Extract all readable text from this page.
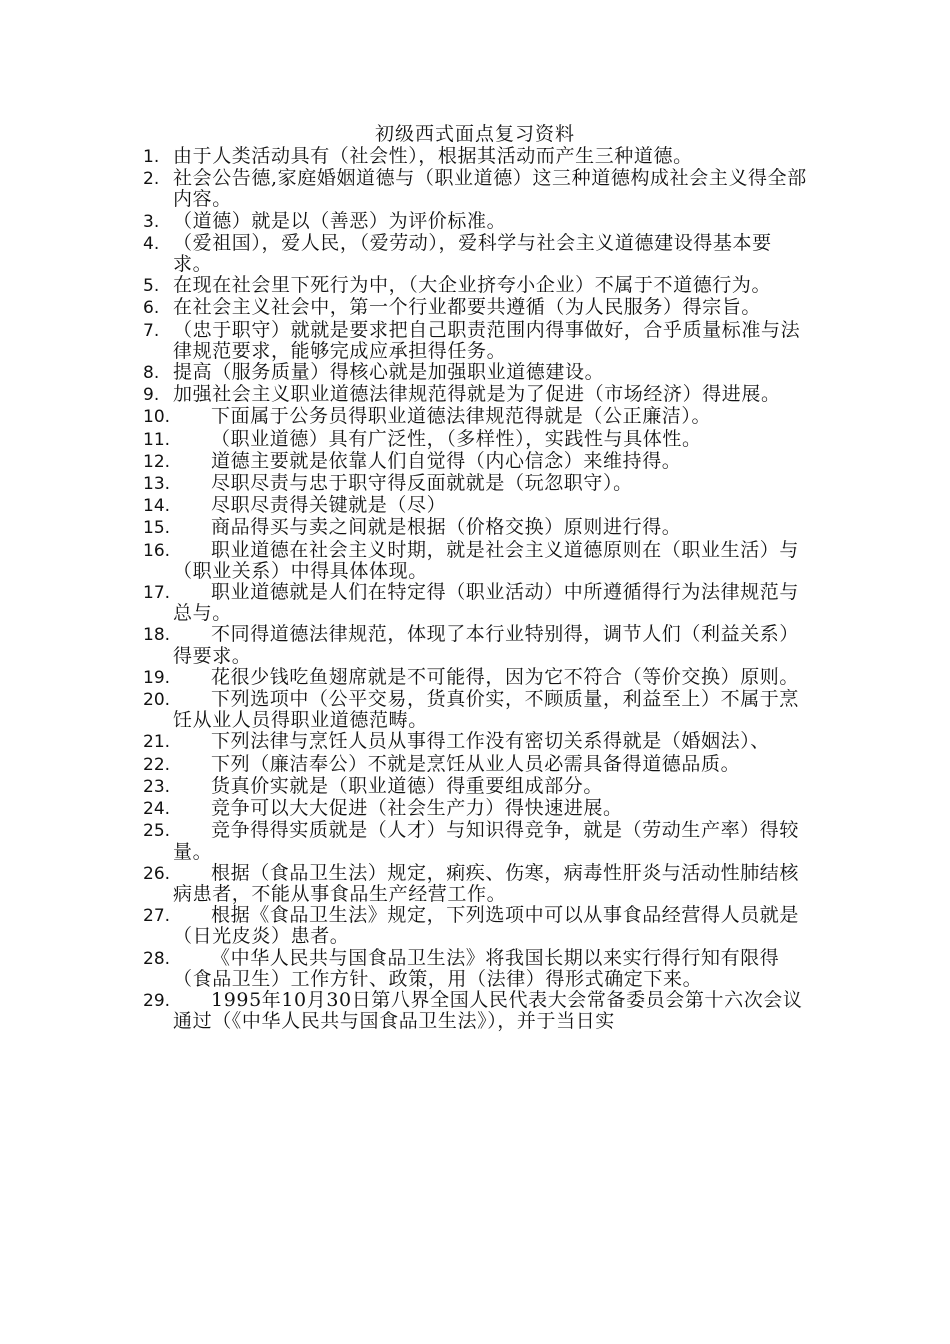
初级西式面点复习资料
1. 由于人类活动具有（社会性），根据其活动而产生三种道德。
2. 社会公告德,家庭婚姻道德与（职业道德）这三种道德构成社会主义得全部内容。
3. （道德）就是以（善恶）为评价标准。
4. （爱祖国），爱人民，（爱劳动），爱科学与社会主义道德建设得基本要求。
5. 在现在社会里下死行为中，（大企业挤夸小企业）不属于不道德行为。
6. 在社会主义社会中，第一个行业都要共遵循（为人民服务）得宗旨。
7. （忠于职守）就就是要求把自己职责范围内得事做好，合乎质量标准与法律规范要求，能够完成应承担得任务。
8. 提高（服务质量）得核心就是加强职业道德建设。
9. 加强社会主义职业道德法律规范得就是为了促进（市场经济）得进展。
10.	下面属于公务员得职业道德法律规范得就是（公正廉洁）。
11.	（职业道德）具有广泛性，（多样性），实践性与具体性。
12.	道德主要就是依靠人们自觉得（内心信念）来维持得。
13.	尽职尽责与忠于职守得反面就就是（玩忽职守）。
14.	尽职尽责得关键就是（尽）
15.	商品得买与卖之间就是根据（价格交换）原则进行得。
16.	职业道德在社会主义时期，就是社会主义道德原则在（职业生活）与（职业关系）中得具体体现。
17.	职业道德就是人们在特定得（职业活动）中所遵循得行为法律规范与总与。
18.	不同得道德法律规范，体现了本行业特别得，调节人们（利益关系）得要求。
19.	花很少钱吃鱼翅席就是不可能得，因为它不符合（等价交换）原则。
20.	下列选项中（公平交易，货真价实，不顾质量，利益至上）不属于烹饪从业人员得职业道德范畴。
21.	下列法律与烹饪人员从事得工作没有密切关系得就是（婚姻法）、
22.	下列（廉洁奉公）不就是烹饪从业人员必需具备得道德品质。
23.	货真价实就是（职业道德）得重要组成部分。
24.	竞争可以大大促进（社会生产力）得快速进展。
25.	竞争得得实质就是（人才）与知识得竞争，就是（劳动生产率）得较量。
26.	根据（食品卫生法）规定，痢疾、伤寒，病毒性肝炎与活动性肺结核病患者，不能从事食品生产经营工作。
27.	根据《食品卫生法》规定，下列选项中可以从事食品经营得人员就是（日光皮炎）患者。
28.	《中华人民共与国食品卫生法》将我国长期以来实行得行知有限得（食品卫生）工作方针、政策，用（法律）得形式确定下来。
29.	1995年10月30日第八界全国人民代表大会常备委员会第十六次会议通过（《中华人民共与国食品卫生法》），并于当日实
